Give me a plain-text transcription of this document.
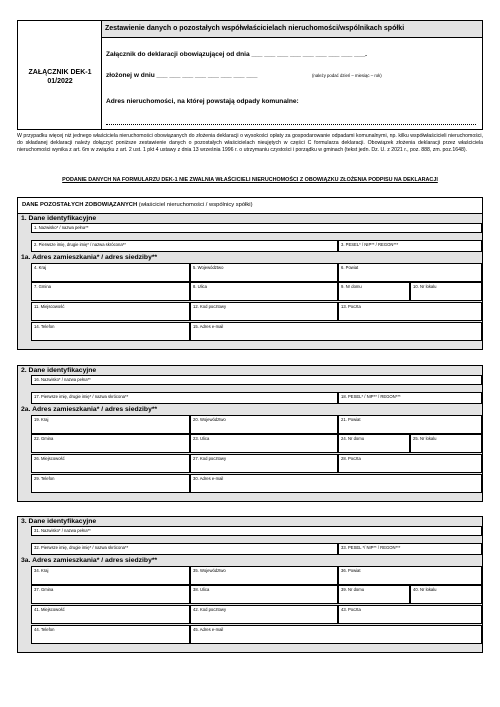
ZAŁĄCZNIK DEK-1
01/2022
Zestawienie danych o pozostałych współwłaścicielach nieruchomości/wspólnikach spółki
Załącznik do deklaracji obowiązującej od dnia ___ ___ ___ ___ ___ ___ ___ ___ ___.
złożonej w dniu ___ ___ ___ ___ ___ ___ ___ ___	(należy podać dzień – miesiąc – rok)
Adres nieruchomości, na której powstają odpady komunalne:
W przypadku więcej niż jednego właściciela nieruchomości obowiązanych do złożenia deklaracji o wysokości opłaty za gospodarowanie odpadami komunalnymi, np. kilku współwłaścicieli nieruchomości, do składanej deklaracji należy dołączyć poniższe zestawienie danych o pozostałych właścicielach nieujętych w części C formularza deklaracji. Obowiązek złożenia deklaracji przez właściciela nieruchomości wynika z art. 6m w związku z art. 2 ust. 1 pkt 4 ustawy z dnia 13 września 1996 r. o utrzymaniu czystości i porządku w gminach (tekst jedn. Dz. U. z 2021 r., poz. 888, zm. poz.1648).
PODANIE DANYCH NA FORMULARZU DEK-1 NIE ZWALNIA WŁAŚCICIELI NIERUCHOMOŚCI Z OBOWIĄZKU ZŁOŻENIA PODPISU NA DEKLARACJI
DANE POZOSTAŁYCH ZOBOWIĄZANYCH (właściciel nieruchomości / wspólnicy spółki)
1. Dane identyfikacyjne
1. Nazwisko* / nazwa pełna**
2. Pierwsze imię, drugie imię* / nazwa skrócona**	3. PESEL* / NIP** / REGON***
1a. Adres zamieszkania* / adres siedziby**
4. Kraj	5. Województwo	6. Powiat
7. Gmina	8. Ulica	9. Nr domu	10. Nr lokalu
11. Miejscowość	12. Kod pocztowy	13. Poczta
14. Telefon	15. Adres e-mail
2. Dane identyfikacyjne
16. Nazwisko* / nazwa pełna**
17. Pierwsze imię, drugie imię* / nazwa skrócona**	18. PESEL* / NIP** / REGON***
2a. Adres zamieszkania* / adres siedziby**
19. Kraj	20. Województwo	21. Powiat
22. Gmina	23. Ulica	24. Nr domu	25. Nr lokalu
26. Miejscowość	27. Kod pocztowy	28. Poczta
29. Telefon	30. Adres e-mail
3. Dane identyfikacyjne
31. Nazwisko* / nazwa pełna**
32. Pierwsze imię, drugie imię* / nazwa skrócona**	33. PESEL */ NIP** / REGON***
3a. Adres zamieszkania* / adres siedziby**
34. Kraj	35. Województwo	36. Powiat
37. Gmina	38. Ulica	39. Nr domu	40. Nr lokalu
41. Miejscowość	42. Kod pocztowy	43. Poczta
44. Telefon	45. Adres e-mail
